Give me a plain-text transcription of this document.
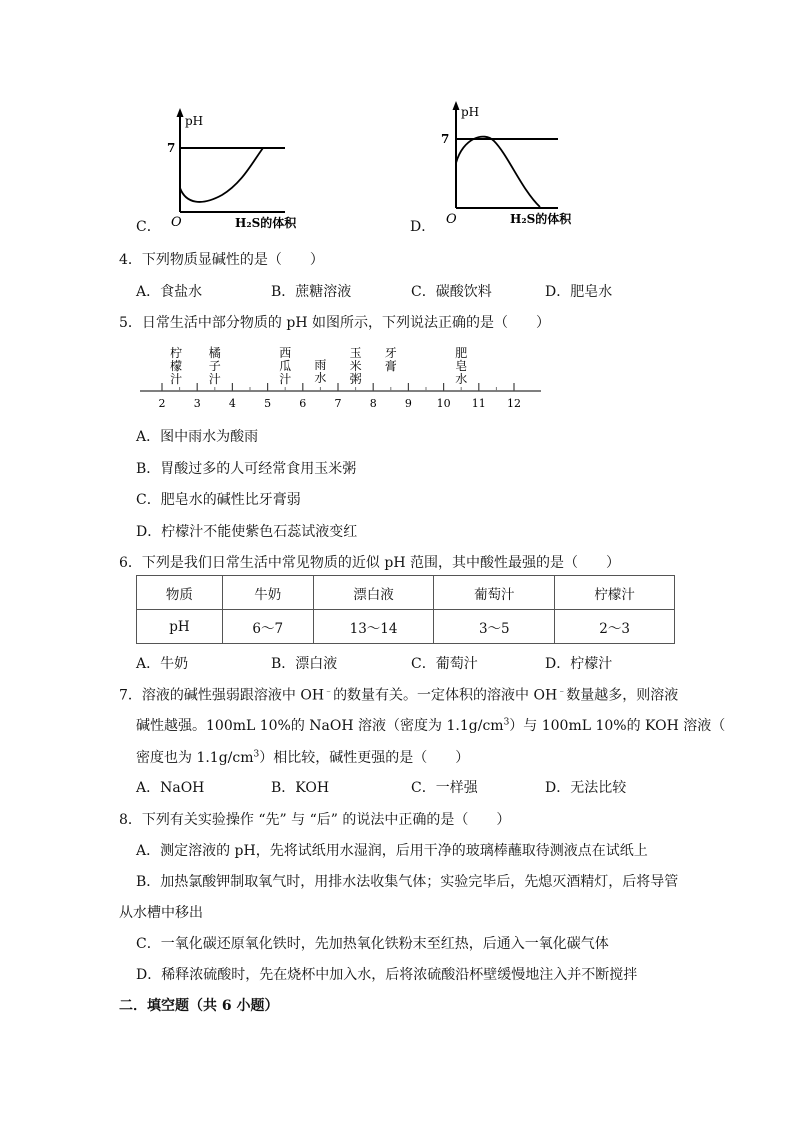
C．
pH
7
O	H₂S的体积	D．
pH
7
O	H₂S的体积
4．下列物质显碱性的是（　　）
A．食盐水	B．蔗糖溶液	C．碳酸饮料	D．肥皂水
5．日常生活中部分物质的 pH 如图所示，下列说法正确的是（　　）
2	3	4	5	6	7	8	9 10 11 12
柠
檬
汁
橘
子
汁
西
瓜
汁
雨
水
玉
米
粥
牙
膏
肥
皂
水
A．图中雨水为酸雨
B．胃酸过多的人可经常食用玉米粥
C．肥皂水的碱性比牙膏弱
D．柠檬汁不能使紫色石蕊试液变红
6．下列是我们日常生活中常见物质的近似 pH 范围，其中酸性最强的是（　　）
物质	牛奶	漂白液	葡萄汁	柠檬汁
pH	6～7	13～14	3～5	2～3
A．牛奶	B．漂白液	C．葡萄汁	D．柠檬汁
7．溶液的碱性强弱跟溶液中 OH﹣的数量有关。一定体积的溶液中 OH﹣数量越多，则溶液
碱性越强。100mL 10%的 NaOH 溶液（密度为 $1.1g/cm^3$）与 100mL 10%的 KOH 溶液（
密度也为 $1.1g/cm^3$）相比较，碱性更强的是（　　）
A．NaOH	B．KOH	C．一样强	D．无法比较
8．下列有关实验操作 “先” 与 “后” 的说法中正确的是（　　）
A．测定溶液的 pH，先将试纸用水湿润，后用干净的玻璃棒蘸取待测液点在试纸上
B．加热氯酸钾制取氧气时，用排水法收集气体；实验完毕后，先熄灭酒精灯，后将导管
从水槽中移出
C．一氧化碳还原氧化铁时，先加热氧化铁粉末至红热，后通入一氧化碳气体
D．稀释浓硫酸时，先在烧杯中加入水，后将浓硫酸沿杯壁缓慢地注入并不断搅拌
二．填空题（共 6 小题）
